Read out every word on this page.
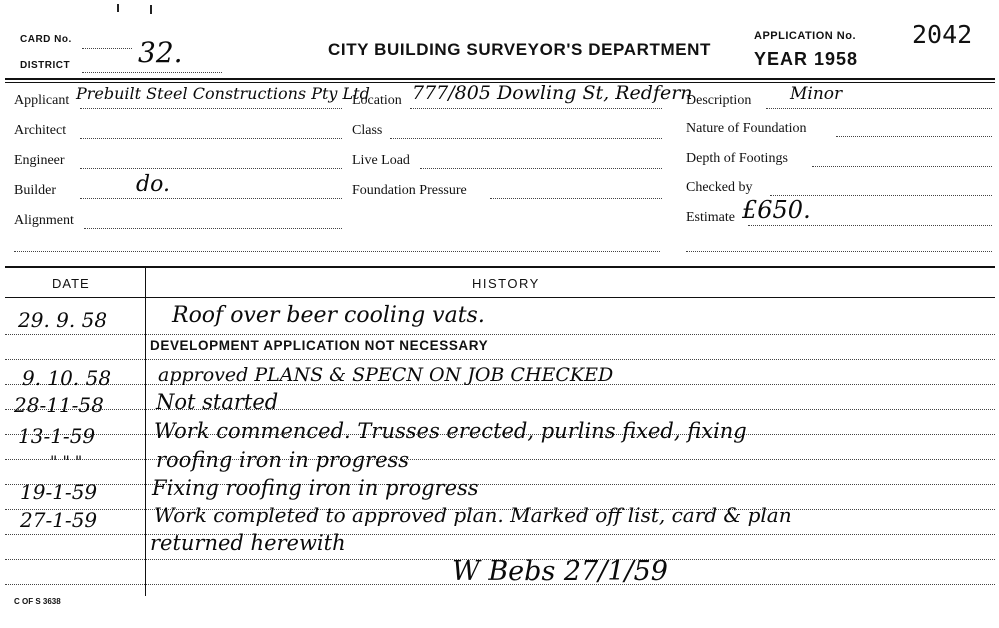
CARD No.
DISTRICT 32.	CITY BUILDING SURVEYOR'S DEPARTMENT
APPLICATION No. 2042
YEAR 1958
Applicant Prebuilt Steel Constructions Pty Ltd
Architect
Engineer
Builder	do.
Alignment
Location 777/805 Dowling St, Redfern
Class
Live Load
Foundation Pressure
Description Minor
Nature of Foundation
Depth of Footings
Checked by
Estimate £650.
DATE	HISTORY
29. 9. 58	Roof over beer cooling vats.
DEVELOPMENT APPLICATION NOT NECESSARY
9. 10. 58 approved PLANS & SPECN ON JOB CHECKED
28-11-58 Not started
13-1-59	Work commenced. Trusses erected, purlins fixed, fixing
" " "	roofing iron in progress
19-1-59	Fixing roofing iron in progress
27-1-59	Work completed to approved plan. Marked off list, card & plan
returned herewith
W Bebs 27/1/59
C OF S 3638
